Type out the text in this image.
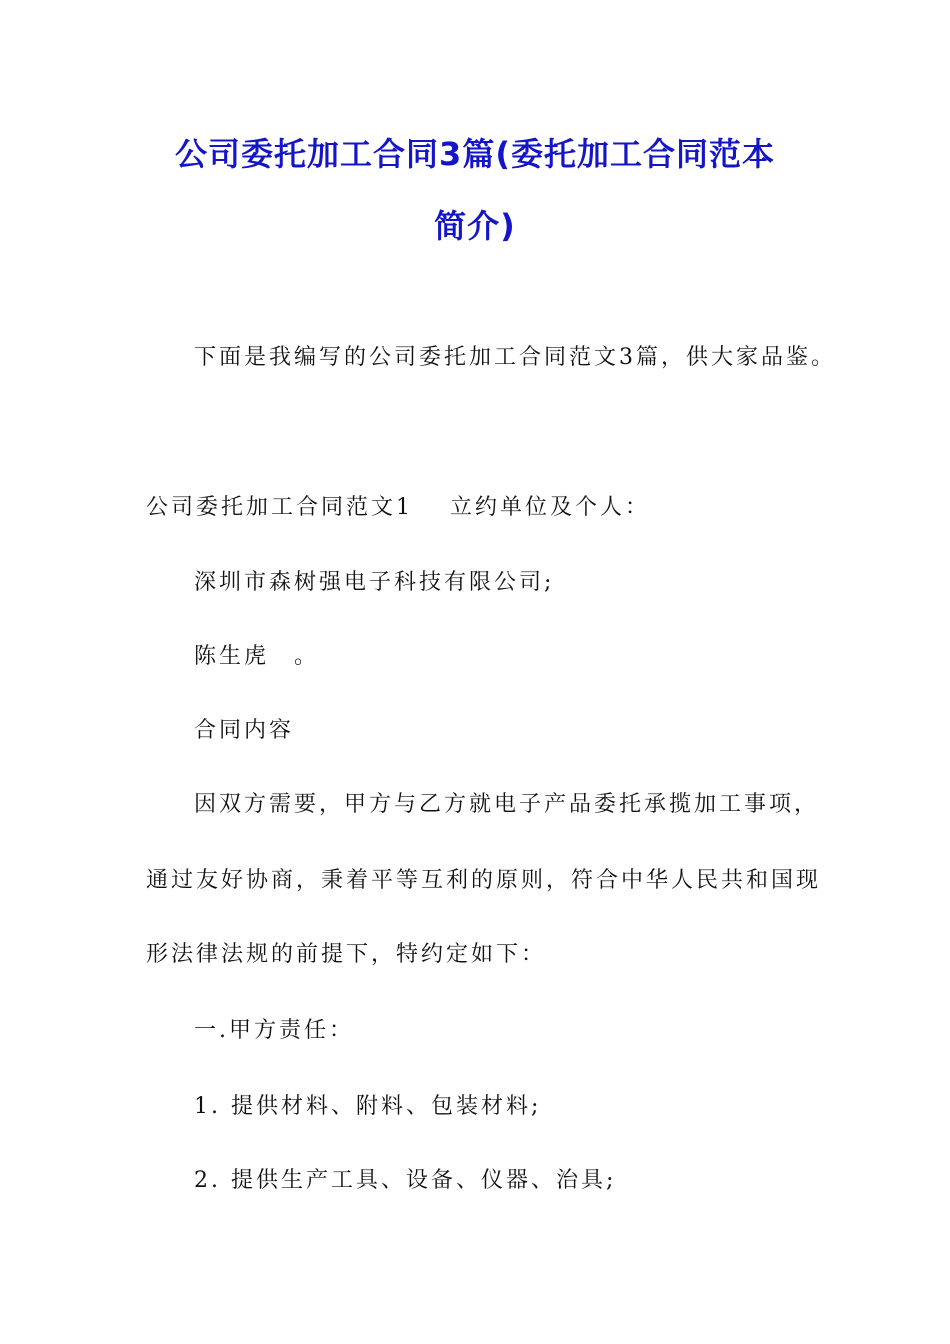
公司委托加工合同3篇(委托加工合同范本
简介)
下面是我编写的公司委托加工合同范文3篇，供大家品鉴。
公司委托加工合同范文1 立约单位及个人：
深圳市森树强电子科技有限公司;
陈生虎　。
合同内容
因双方需要，甲方与乙方就电子产品委托承揽加工事项，
通过友好协商，秉着平等互利的原则，符合中华人民共和国现
形法律法规的前提下，特约定如下：
一.甲方责任：
1. 提供材料、附料、包装材料;
2. 提供生产工具、设备、仪器、治具;
